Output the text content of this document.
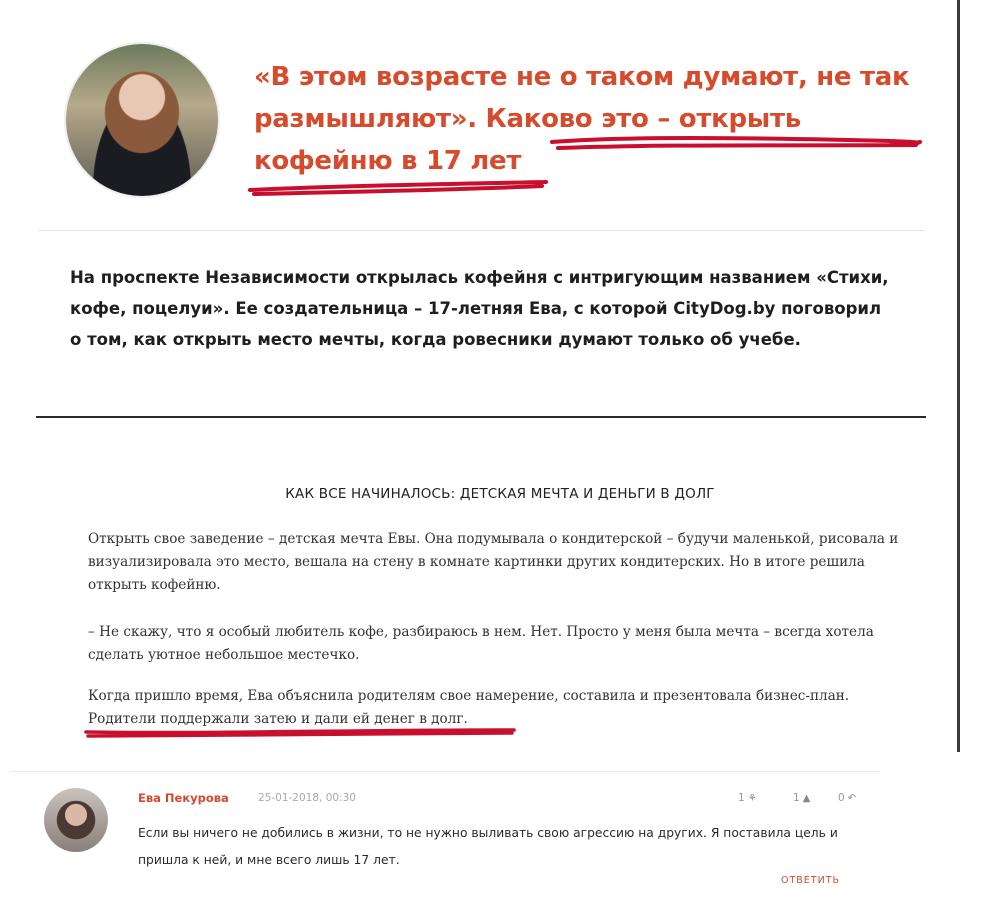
«В этом возрасте не о таком думают, не так размышляют». Каково это – открыть кофейню в 17 лет
На проспекте Независимости открылась кофейня с интригующим названием «Стихи, кофе, поцелуи». Ее создательница – 17-летняя Ева, с которой CityDog.by поговорил о том, как открыть место мечты, когда ровесники думают только об учебе.
КАК ВСЕ НАЧИНАЛОСЬ: ДЕТСКАЯ МЕЧТА И ДЕНЬГИ В ДОЛГ
Открыть свое заведение – детская мечта Евы. Она подумывала о кондитерской – будучи маленькой, рисовала и визуализировала это место, вешала на стену в комнате картинки других кондитерских. Но в итоге решила открыть кофейню.
– Не скажу, что я особый любитель кофе, разбираюсь в нем. Нет. Просто у меня была мечта – всегда хотела сделать уютное небольшое местечко.
Когда пришло время, Ева объяснила родителям свое намерение, составила и презентовала бизнес-план. Родители поддержали затею и дали ей денег в долг.
Ева Пекурова	25-01-2018, 00:30	1 ⚘	1 ▲	0 ↶
Если вы ничего не добились в жизни, то не нужно выливать свою агрессию на других. Я поставила цель и пришла к ней, и мне всего лишь 17 лет.
ОТВЕТИТЬ
